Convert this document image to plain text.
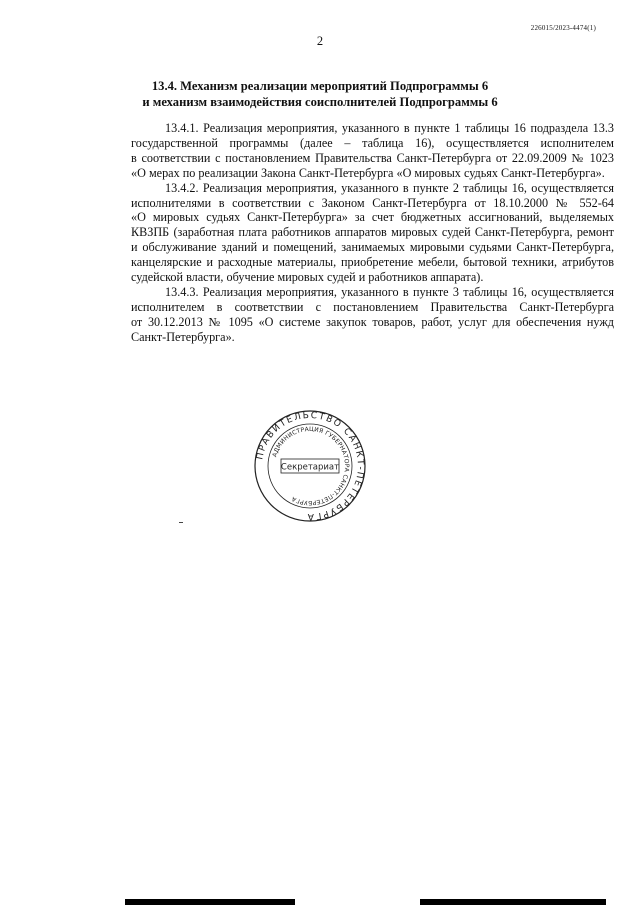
226015/2023-4474(1)
2
13.4. Механизм реализации мероприятий Подпрограммы 6
и механизм взаимодействия соисполнителей Подпрограммы 6

13.4.1. Реализация мероприятия, указанного в пункте 1 таблицы 16 подраздела 13.3
государственной программы (далее – таблица 16), осуществляется исполнителем
в соответствии с постановлением Правительства Санкт-Петербурга от 22.09.2009 № 1023
«О мерах по реализации Закона Санкт-Петербурга «О мировых судьях Санкт-Петербурга».

13.4.2. Реализация мероприятия, указанного в пункте 2 таблицы 16, осуществляется
исполнителями в соответствии с Законом Санкт-Петербурга от 18.10.2000 № 552-64
«О мировых судьях Санкт-Петербурга» за счет бюджетных ассигнований, выделяемых
КВЗПБ (заработная плата работников аппаратов мировых судей Санкт-Петербурга, ремонт
и обслуживание зданий и помещений, занимаемых мировыми судьями Санкт-Петербурга,
канцелярские и расходные материалы, приобретение мебели, бытовой техники, атрибутов
судейской власти, обучение мировых судей и работников аппарата).

13.4.3. Реализация мероприятия, указанного в пункте 3 таблицы 16, осуществляется
исполнителем в соответствии с постановлением Правительства Санкт-Петербурга
от 30.12.2013 № 1095 «О системе закупок товаров, работ, услуг для обеспечения нужд
Санкт-Петербурга».

ПРАВИТЕЛЬСТВО САНКТ-ПЕТЕРБУРГА
АДМИНИСТРАЦИЯ ГУБЕРНАТОРА САНКТ-ПЕТЕРБУРГА
Секретариат
